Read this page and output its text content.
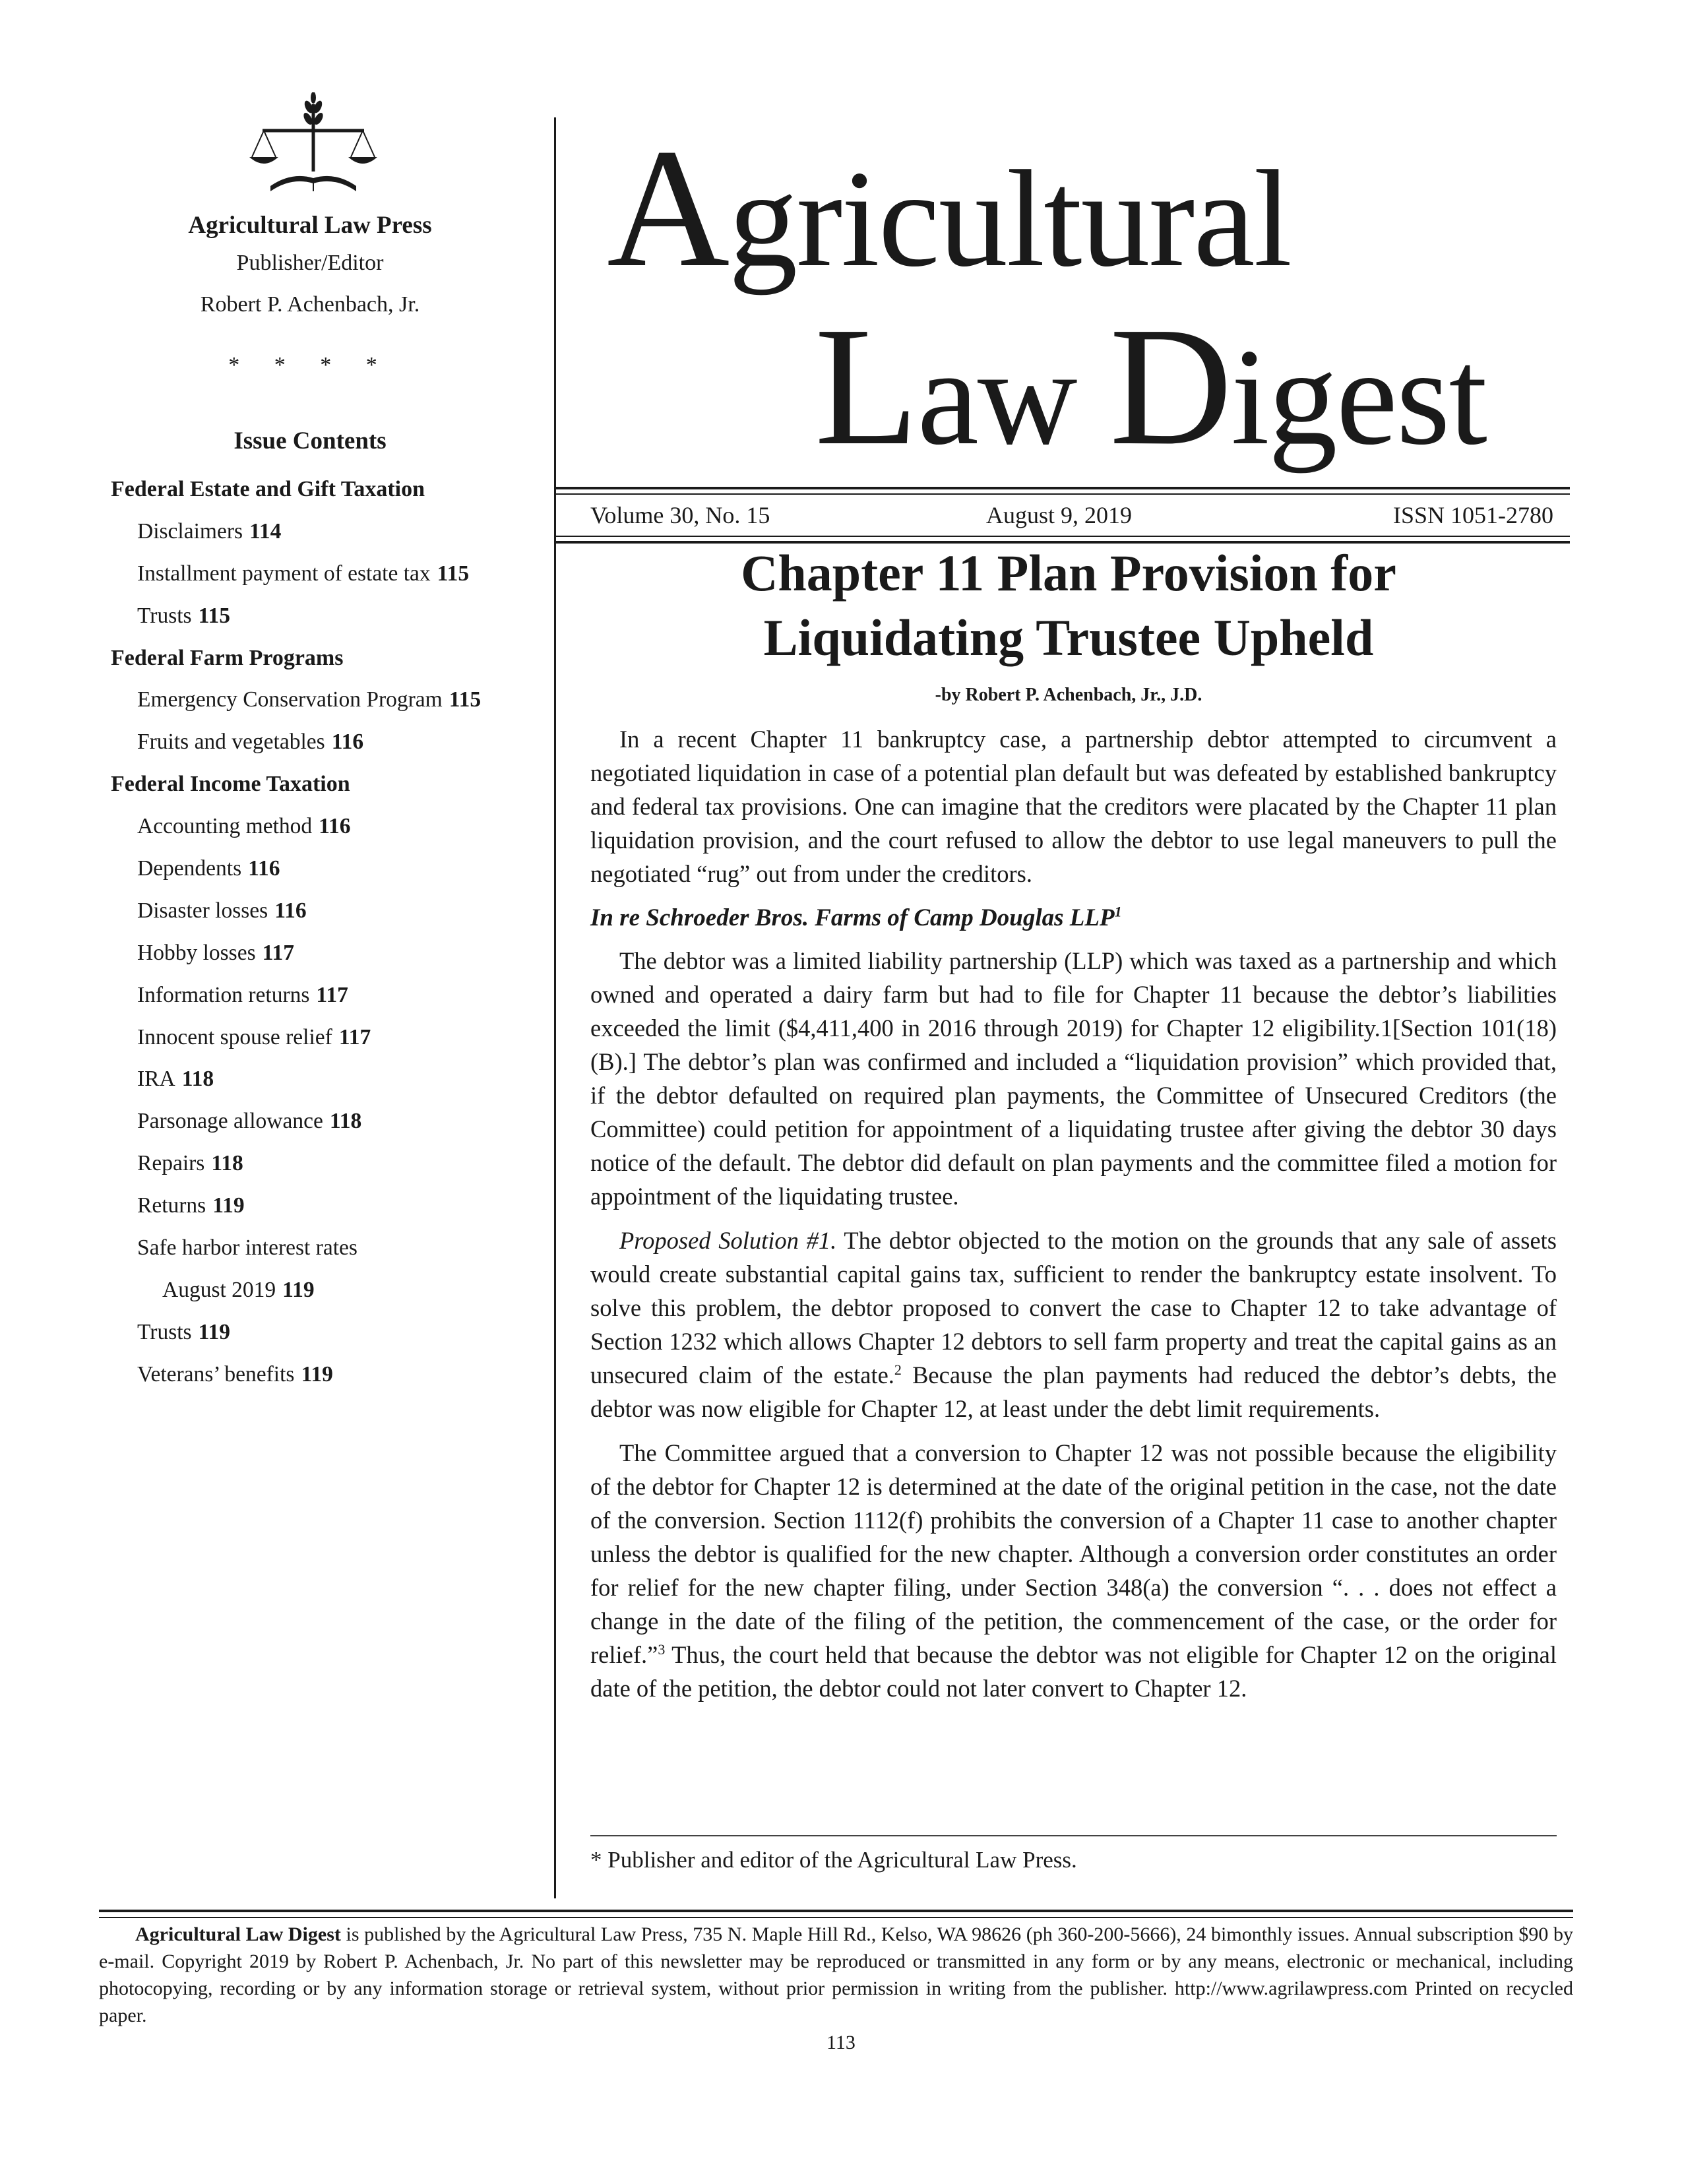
Agricultural Law Press
Publisher/Editor
Robert P. Achenbach, Jr.
* * * *
Issue Contents
Federal Estate and Gift Taxation
Disclaimers 114
Installment payment of estate tax 115
Trusts 115
Federal Farm Programs
Emergency Conservation Program 115
Fruits and vegetables 116
Federal Income Taxation
Accounting method 116
Dependents 116
Disaster losses 116
Hobby losses 117
Information returns 117
Innocent spouse relief 117
IRA 118
Parsonage allowance 118
Repairs 118
Returns 119
Safe harbor interest rates
August 2019 119
Trusts 119
Veterans’ benefits 119
Agricultural
Law Digest
Volume 30, No. 15	August 9, 2019	ISSN 1051-2780
Chapter 11 Plan Provision for
Liquidating Trustee Upheld
-by Robert P. Achenbach, Jr., J.D.

In a recent Chapter 11 bankruptcy case, a partnership debtor attempted to circumvent a negotiated liquidation in case of a potential plan default but was defeated by established bankruptcy and federal tax provisions. One can imagine that the creditors were placated by the Chapter 11 plan liquidation provision, and the court refused to allow the debtor to use legal maneuvers to pull the negotiated “rug” out from under the creditors.

In re Schroeder Bros. Farms of Camp Douglas LLP$^1$

The debtor was a limited liability partnership (LLP) which was taxed as a partnership and which owned and operated a dairy farm but had to file for Chapter 11 because the debtor’s liabilities exceeded the limit ($4,411,400 in 2016 through 2019) for Chapter 12 eligibility.1[Section 101(18)(B).] The debtor’s plan was confirmed and included a “liquidation provision” which provided that, if the debtor defaulted on required plan payments, the Committee of Unsecured Creditors (the Committee) could petition for appointment of a liquidating trustee after giving the debtor 30 days notice of the default. The debtor did default on plan payments and the committee filed a motion for appointment of the liquidating trustee.

Proposed Solution #1. The debtor objected to the motion on the grounds that any sale of assets would create substantial capital gains tax, sufficient to render the bankruptcy estate insolvent. To solve this problem, the debtor proposed to convert the case to Chapter 12 to take advantage of Section 1232 which allows Chapter 12 debtors to sell farm property and treat the capital gains as an unsecured claim of the estate.$^2$ Because the plan payments had reduced the debtor’s debts, the debtor was now eligible for Chapter 12, at least under the debt limit requirements.

The Committee argued that a conversion to Chapter 12 was not possible because the eligibility of the debtor for Chapter 12 is determined at the date of the original petition in the case, not the date of the conversion. Section 1112(f) prohibits the conversion of a Chapter 11 case to another chapter unless the debtor is qualified for the new chapter. Although a conversion order constitutes an order for relief for the new chapter filing, under Section 348(a) the conversion “. . . does not effect a change in the date of the filing of the petition, the commencement of the case, or the order for relief.”$^3$ Thus, the court held that because the debtor was not eligible for Chapter 12 on the original date of the petition, the debtor could not later convert to Chapter 12.

* Publisher and editor of the Agricultural Law Press.

Agricultural Law Digest is published by the Agricultural Law Press, 735 N. Maple Hill Rd., Kelso, WA 98626 (ph 360-200-5666), 24 bimonthly issues. Annual subscription $90 by e-mail. Copyright 2019 by Robert P. Achenbach, Jr. No part of this newsletter may be reproduced or transmitted in any form or by any means, electronic or mechanical, including photocopying, recording or by any information storage or retrieval system, without prior permission in writing from the publisher. http://www.agrilawpress.com Printed on recycled paper.

113
